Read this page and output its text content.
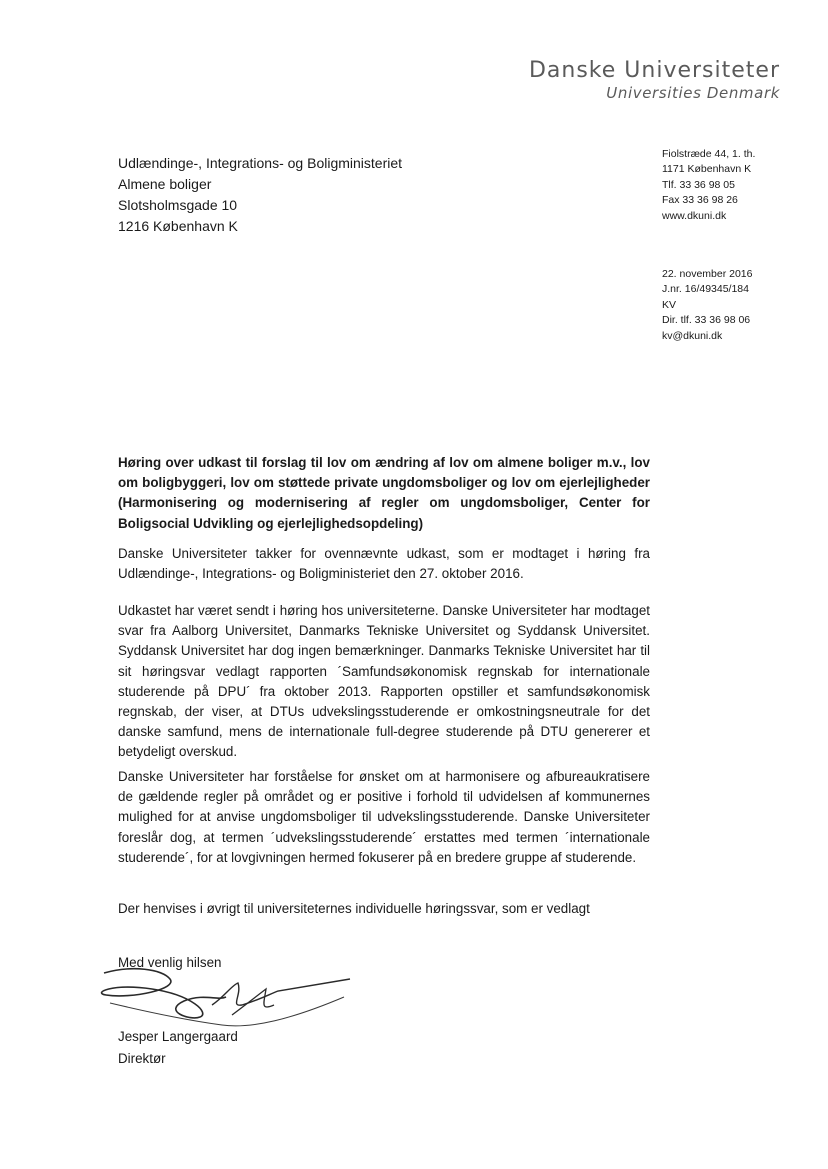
Danske Universiteter
Universities Denmark
Udlændinge-, Integrations- og Boligministeriet
Almene boliger
Slotsholmsgade 10
1216 København K
Fiolstræde 44, 1. th.
1171 København K
Tlf. 33 36 98 05
Fax 33 36 98 26
www.dkuni.dk
22. november 2016
J.nr. 16/49345/184
KV
Dir. tlf. 33 36 98 06
kv@dkuni.dk
Høring over udkast til forslag til lov om ændring af lov om almene boliger m.v., lov om boligbyggeri, lov om støttede private ungdomsboliger og lov om ejerlejligheder (Harmonisering og modernisering af regler om ungdomsboliger, Center for Boligsocial Udvikling og ejerlejlighedsopdeling)
Danske Universiteter takker for ovennævnte udkast, som er modtaget i høring fra Udlændinge-, Integrations- og Boligministeriet den 27. oktober 2016.
Udkastet har været sendt i høring hos universiteterne. Danske Universiteter har modtaget svar fra Aalborg Universitet, Danmarks Tekniske Universitet og Syddansk Universitet. Syddansk Universitet har dog ingen bemærkninger. Danmarks Tekniske Universitet har til sit høringsvar vedlagt rapporten ´Samfundsøkonomisk regnskab for internationale studerende på DPU´ fra oktober 2013. Rapporten opstiller et samfundsøkonomisk regnskab, der viser, at DTUs udvekslingsstuderende er omkostningsneutrale for det danske samfund, mens de internationale full-degree studerende på DTU genererer et betydeligt overskud.
Danske Universiteter har forståelse for ønsket om at harmonisere og afbureaukratisere de gældende regler på området og er positive i forhold til udvidelsen af kommunernes mulighed for at anvise ungdomsboliger til udvekslingsstuderende. Danske Universiteter foreslår dog, at termen ´udvekslingsstuderende´ erstattes med termen ´internationale studerende´, for at lovgivningen hermed fokuserer på en bredere gruppe af studerende.
Der henvises i øvrigt til universiteternes individuelle høringssvar, som er vedlagt
Med venlig hilsen
Jesper Langergaard
Direktør
